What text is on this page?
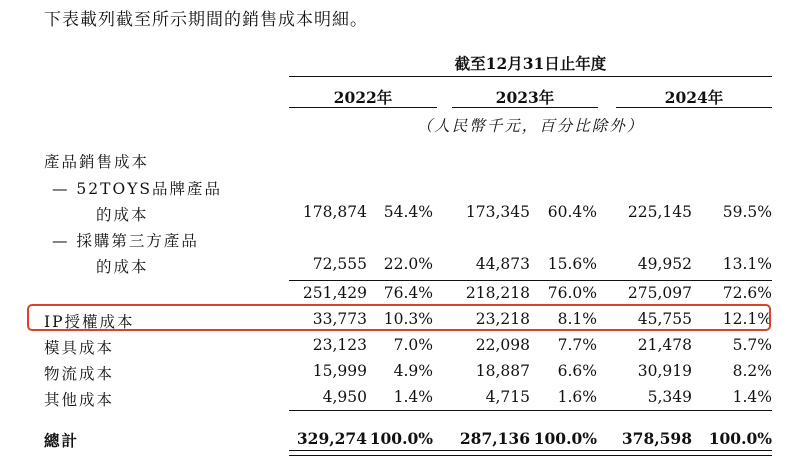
下表載列截至所示期間的銷售成本明細。
截至12月31日止年度
2022年	2023年	2024年
（人民幣千元，百分比除外）
產品銷售成本
— 52TOYS品牌產品
的成本	178,874	54.4%	173,345	60.4%	225,145	59.5%
— 採購第三方產品
的成本	72,555	22.0%	44,873	15.6%	49,952	13.1%
251,429	76.4%	218,218	76.0%	275,097	72.6%
IP授權成本	33,773	10.3%	23,218	8.1%	45,755	12.1%
模具成本	23,123	7.0%	22,098	7.7%	21,478	5.7%
物流成本	15,999	4.9%	18,887	6.6%	30,919	8.2%
其他成本	4,950	1.4%	4,715	1.6%	5,349	1.4%
總計	329,274 100.0%	287,136 100.0%	378,598	100.0%
